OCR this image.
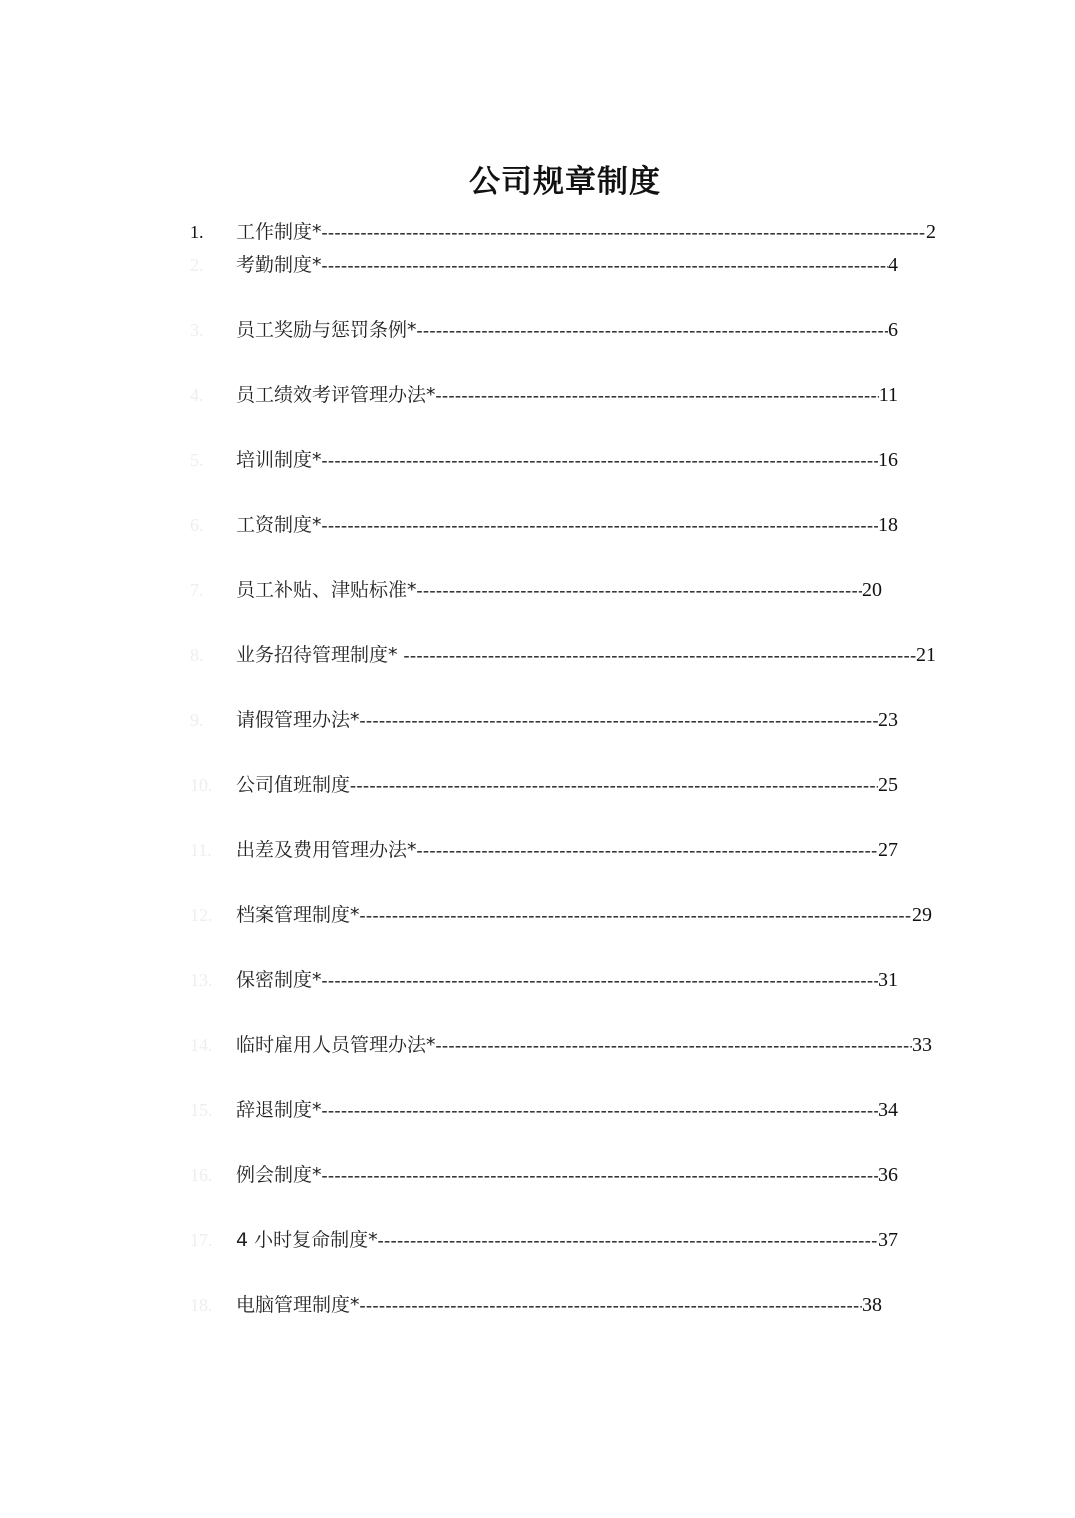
公司规章制度
1. 工作制度* -----	2
2. 考勤制度* -----	4
3. 员工奖励与惩罚条例* -----	6
4. 员工绩效考评管理办法* -----	11
5. 培训制度* -----	16
6. 工资制度* -----	18
7. 员工补贴、津贴标准* -----	20
8. 业务招待管理制度* -----	21
9. 请假管理办法* -----	23
10. 公司值班制度 -----	25
11. 出差及费用管理办法* -----	27
12. 档案管理制度* -----	29
13. 保密制度* -----	31
14. 临时雇用人员管理办法* -----	33
15. 辞退制度* -----	34
16. 例会制度* -----	36
17. 4 小时复命制度* -----	37
18. 电脑管理制度* -----	38
